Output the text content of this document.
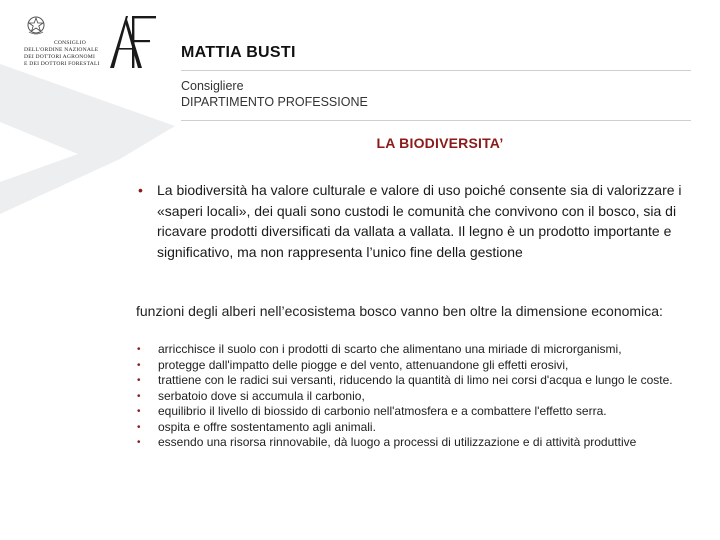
CONSIGLIO
DELL'ORDINE NAZIONALE
DEI DOTTORI AGRONOMI
E DEI DOTTORI FORESTALI
MATTIA BUSTI
Consigliere
DIPARTIMENTO PROFESSIONE
LA BIODIVERSITA’
• La biodiversità ha valore culturale e valore di uso poiché consente sia di valorizzare i «saperi locali», dei quali sono custodi le comunità che convivono con il bosco, sia di ricavare prodotti diversificati da vallata a vallata. Il legno è un prodotto importante e significativo, ma non rappresenta l’unico fine della gestione
funzioni degli alberi nell’ecosistema bosco vanno ben oltre la dimensione economica:
• arricchisce il suolo con i prodotti di scarto che alimentano una miriade di microrganismi,
• protegge dall'impatto delle piogge e del vento, attenuandone gli effetti erosivi,
• trattiene con le radici sui versanti, riducendo la quantità di limo nei corsi d'acqua e lungo le coste.
• serbatoio dove si accumula il carbonio,
• equilibrio il livello di biossido di carbonio nell'atmosfera e a combattere l'effetto serra.
• ospita e offre sostentamento agli animali.
• essendo una risorsa rinnovabile, dà luogo a processi di utilizzazione e di attività produttive
